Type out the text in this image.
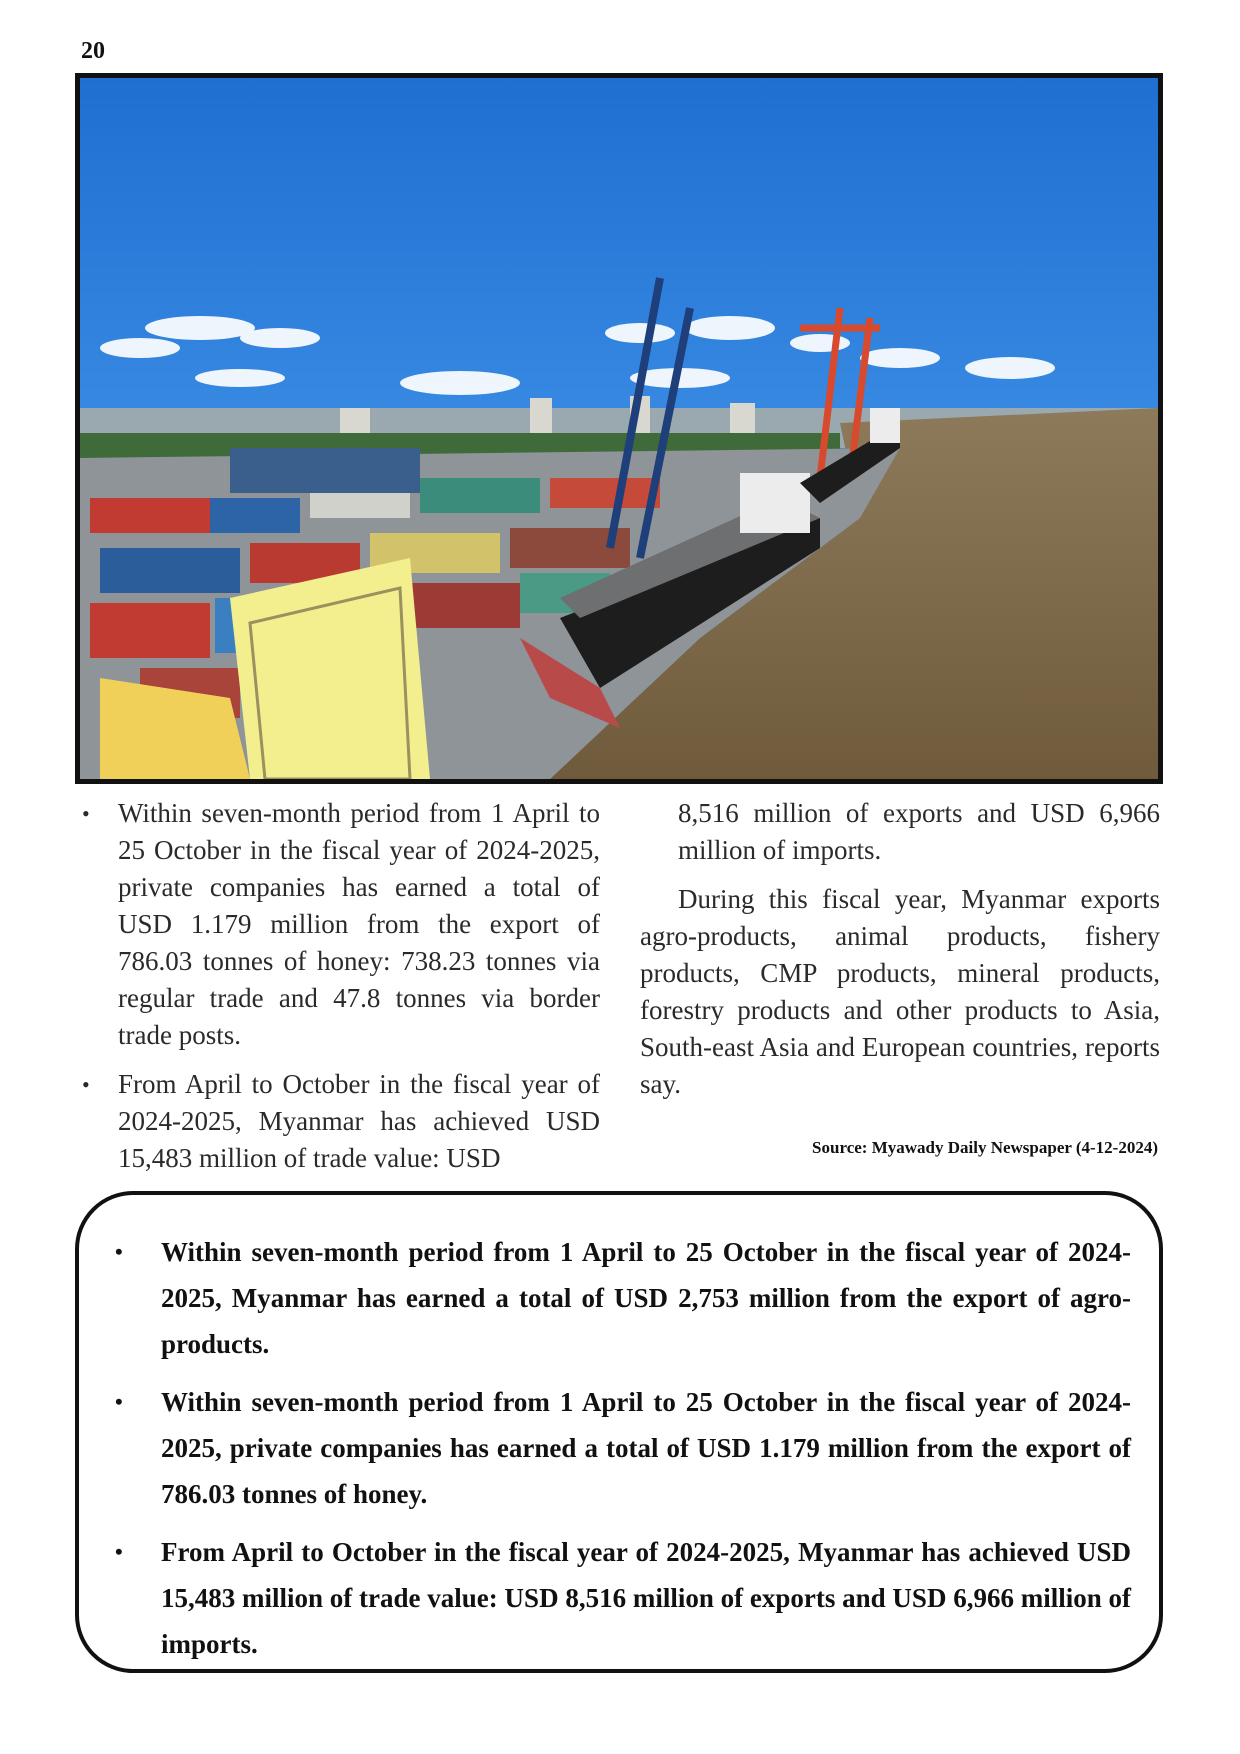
20
• Within seven-month period from 1 April to 25 October in the fiscal year of 2024-2025, private companies has earned a total of USD 1.179 million from the export of 786.03 tonnes of honey: 738.23 tonnes via regular trade and 47.8 tonnes via border trade posts.
• From April to October in the fiscal year of 2024-2025, Myanmar has achieved USD 15,483 million of trade value: USD

8,516 million of exports and USD 6,966 million of imports.

During this fiscal year, Myanmar exports agro-products, animal products, fishery products, CMP products, mineral products, forestry products and other products to Asia, South-east Asia and European countries, reports say.

Source: Myawady Daily Newspaper (4-12-2024)
• Within seven-month period from 1 April to 25 October in the fiscal year of 2024-2025, Myanmar has earned a total of USD 2,753 million from the export of agro-products.
• Within seven-month period from 1 April to 25 October in the fiscal year of 2024-2025, private companies has earned a total of USD 1.179 million from the export of 786.03 tonnes of honey.
• From April to October in the fiscal year of 2024-2025, Myanmar has achieved USD 15,483 million of trade value: USD 8,516 million of exports and USD 6,966 million of imports.
